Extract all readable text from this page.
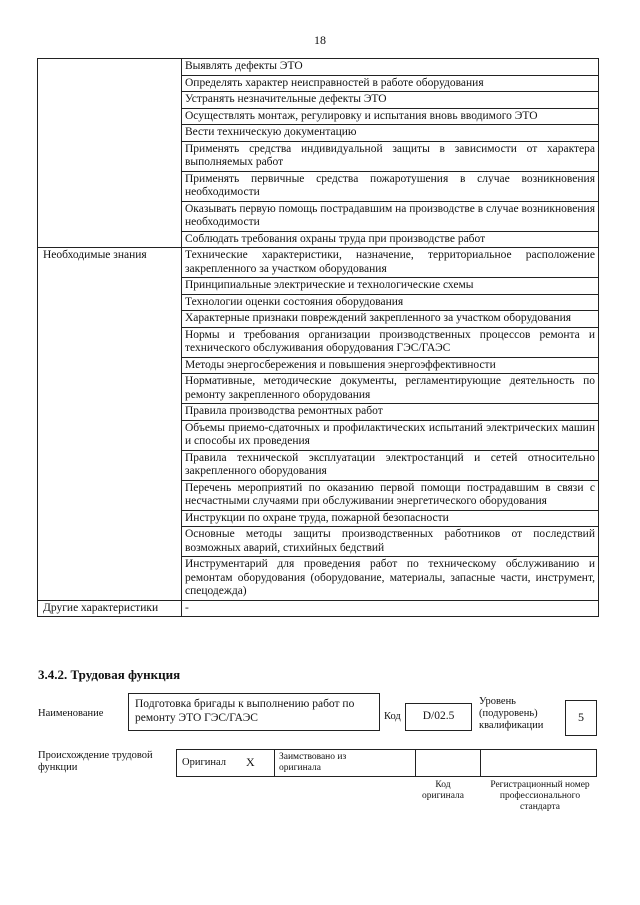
18
	Выявлять дефекты ЭТО
	Определять характер неисправностей в работе оборудования
	Устранять незначительные дефекты ЭТО
	Осуществлять монтаж, регулировку и испытания вновь вводимого ЭТО
	Вести техническую документацию
	Применять средства индивидуальной защиты в зависимости от характера выполняемых работ
	Применять первичные средства пожаротушения в случае возникновения необходимости
	Оказывать первую помощь пострадавшим на производстве в случае возникновения необходимости
	Соблюдать требования охраны труда при производстве работ
Необходимые знания	Технические характеристики, назначение, территориальное расположение закрепленного за участком оборудования
	Принципиальные электрические и технологические схемы
	Технологии оценки состояния оборудования
	Характерные признаки повреждений закрепленного за участком оборудования
	Нормы и требования организации производственных процессов ремонта и технического обслуживания оборудования ГЭС/ГАЭС
	Методы энергосбережения и повышения энергоэффективности
	Нормативные, методические документы, регламентирующие деятельность по ремонту закрепленного оборудования
	Правила производства ремонтных работ
	Объемы приемо-сдаточных и профилактических испытаний электрических машин и способы их проведения
	Правила технической эксплуатации электростанций и сетей относительно закрепленного оборудования
	Перечень мероприятий по оказанию первой помощи пострадавшим в связи с несчастными случаями при обслуживании энергетического оборудования
	Инструкции по охране труда, пожарной безопасности
	Основные методы защиты производственных работников от последствий возможных аварий, стихийных бедствий
	Инструментарий для проведения работ по техническому обслуживанию и ремонтам оборудования (оборудование, материалы, запасные части, инструмент, спецодежда)
Другие характеристики	-
3.4.2. Трудовая функция
Наименование
Подготовка бригады к выполнению работ по ремонту ЭТО ГЭС/ГАЭС	Код	D/02.5
Уровень (подуровень) квалификации
5
Происхождение трудовой функции	Оригинал X	Заимствовано из оригинала
Код оригинала
Регистрационный номер профессионального стандарта
